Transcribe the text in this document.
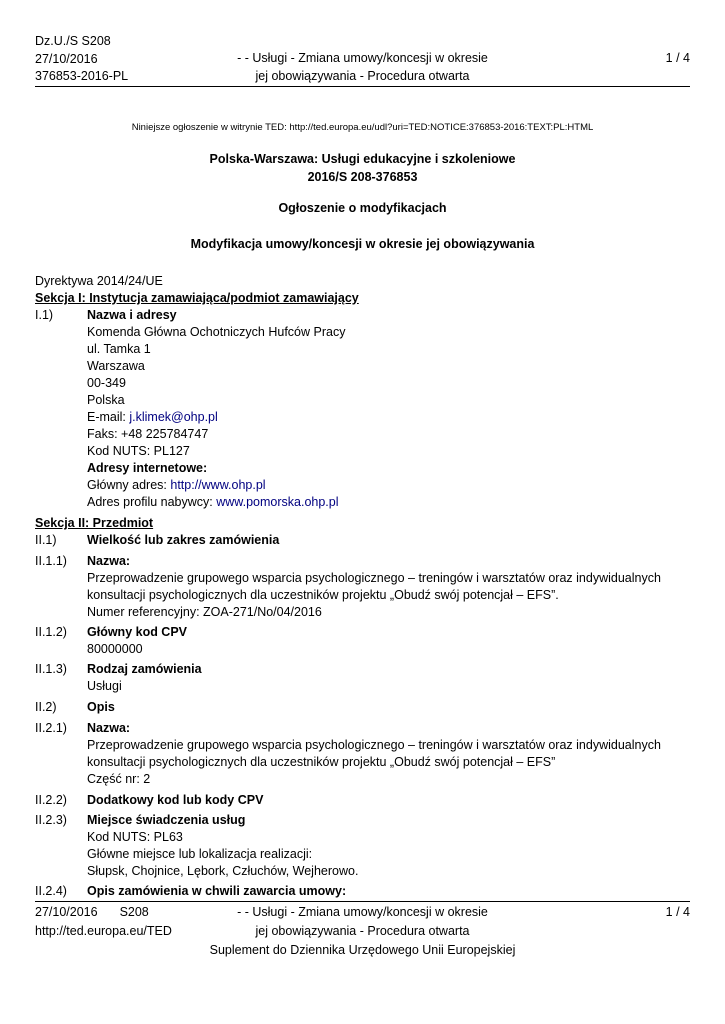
Dz.U./S S208
27/10/2016
376853-2016-PL
- - Usługi - Zmiana umowy/koncesji w okresie
jej obowiązywania - Procedura otwarta
1 / 4
Niniejsze ogłoszenie w witrynie TED: http://ted.europa.eu/udl?uri=TED:NOTICE:376853-2016:TEXT:PL:HTML
Polska-Warszawa: Usługi edukacyjne i szkoleniowe
2016/S 208-376853
Ogłoszenie o modyfikacjach
Modyfikacja umowy/koncesji w okresie jej obowiązywania
Dyrektywa 2014/24/UE
Sekcja I: Instytucja zamawiająca/podmiot zamawiający
I.1)	Nazwa i adresy
Komenda Główna Ochotniczych Hufców Pracy
ul. Tamka 1
Warszawa
00-349
Polska
E-mail: j.klimek@ohp.pl
Faks: +48 225784747
Kod NUTS: PL127
Adresy internetowe:
Główny adres: http://www.ohp.pl
Adres profilu nabywcy: www.pomorska.ohp.pl
Sekcja II: Przedmiot
II.1) Wielkość lub zakres zamówienia
II.1.1) Nazwa:
Przeprowadzenie grupowego wsparcia psychologicznego – treningów i warsztatów oraz indywidualnych
konsultacji psychologicznych dla uczestników projektu „Obudź swój potencjał – EFS”.
Numer referencyjny: ZOA-271/No/04/2016
II.1.2) Główny kod CPV
80000000
II.1.3) Rodzaj zamówienia
Usługi
II.2) Opis
II.2.1) Nazwa:
Przeprowadzenie grupowego wsparcia psychologicznego – treningów i warsztatów oraz indywidualnych
konsultacji psychologicznych dla uczestników projektu „Obudź swój potencjał – EFS”
Część nr: 2
II.2.2) Dodatkowy kod lub kody CPV
II.2.3) Miejsce świadczenia usług
Kod NUTS: PL63
Główne miejsce lub lokalizacja realizacji:
Słupsk, Chojnice, Lębork, Człuchów, Wejherowo.
II.2.4) Opis zamówienia w chwili zawarcia umowy:
27/10/2016 S208
http://ted.europa.eu/TED
- - Usługi - Zmiana umowy/koncesji w okresie
jej obowiązywania - Procedura otwarta
Suplement do Dziennika Urzędowego Unii Europejskiej
1 / 4
